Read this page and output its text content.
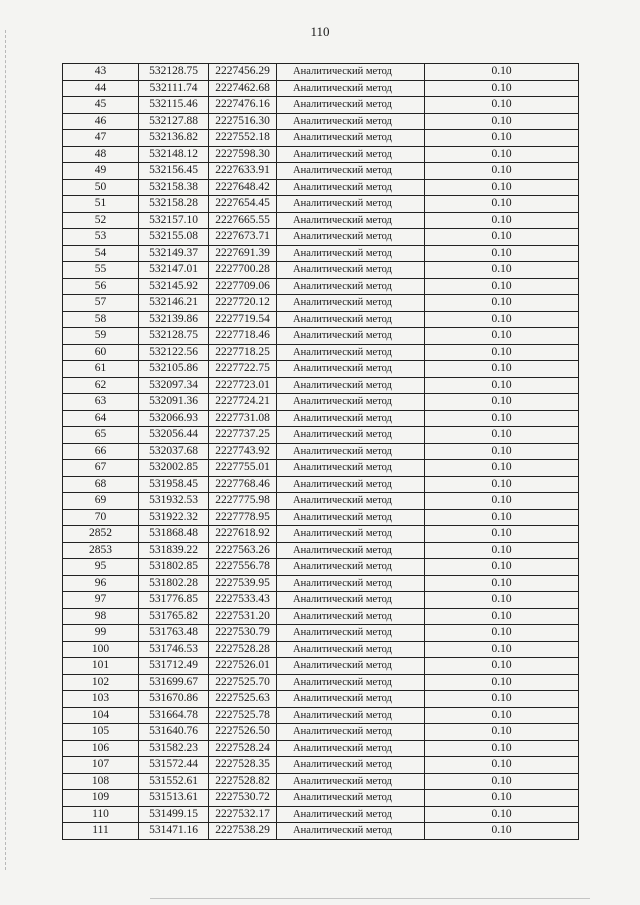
110
43	532128.75	2227456.29	Аналитический метод	0.10
44	532111.74	2227462.68	Аналитический метод	0.10
45	532115.46	2227476.16	Аналитический метод	0.10
46	532127.88	2227516.30	Аналитический метод	0.10
47	532136.82	2227552.18	Аналитический метод	0.10
48	532148.12	2227598.30	Аналитический метод	0.10
49	532156.45	2227633.91	Аналитический метод	0.10
50	532158.38	2227648.42	Аналитический метод	0.10
51	532158.28	2227654.45	Аналитический метод	0.10
52	532157.10	2227665.55	Аналитический метод	0.10
53	532155.08	2227673.71	Аналитический метод	0.10
54	532149.37	2227691.39	Аналитический метод	0.10
55	532147.01	2227700.28	Аналитический метод	0.10
56	532145.92	2227709.06	Аналитический метод	0.10
57	532146.21	2227720.12	Аналитический метод	0.10
58	532139.86	2227719.54	Аналитический метод	0.10
59	532128.75	2227718.46	Аналитический метод	0.10
60	532122.56	2227718.25	Аналитический метод	0.10
61	532105.86	2227722.75	Аналитический метод	0.10
62	532097.34	2227723.01	Аналитический метод	0.10
63	532091.36	2227724.21	Аналитический метод	0.10
64	532066.93	2227731.08	Аналитический метод	0.10
65	532056.44	2227737.25	Аналитический метод	0.10
66	532037.68	2227743.92	Аналитический метод	0.10
67	532002.85	2227755.01	Аналитический метод	0.10
68	531958.45	2227768.46	Аналитический метод	0.10
69	531932.53	2227775.98	Аналитический метод	0.10
70	531922.32	2227778.95	Аналитический метод	0.10
2852	531868.48	2227618.92	Аналитический метод	0.10
2853	531839.22	2227563.26	Аналитический метод	0.10
95	531802.85	2227556.78	Аналитический метод	0.10
96	531802.28	2227539.95	Аналитический метод	0.10
97	531776.85	2227533.43	Аналитический метод	0.10
98	531765.82	2227531.20	Аналитический метод	0.10
99	531763.48	2227530.79	Аналитический метод	0.10
100	531746.53	2227528.28	Аналитический метод	0.10
101	531712.49	2227526.01	Аналитический метод	0.10
102	531699.67	2227525.70	Аналитический метод	0.10
103	531670.86	2227525.63	Аналитический метод	0.10
104	531664.78	2227525.78	Аналитический метод	0.10
105	531640.76	2227526.50	Аналитический метод	0.10
106	531582.23	2227528.24	Аналитический метод	0.10
107	531572.44	2227528.35	Аналитический метод	0.10
108	531552.61	2227528.82	Аналитический метод	0.10
109	531513.61	2227530.72	Аналитический метод	0.10
110	531499.15	2227532.17	Аналитический метод	0.10
111	531471.16	2227538.29	Аналитический метод	0.10
